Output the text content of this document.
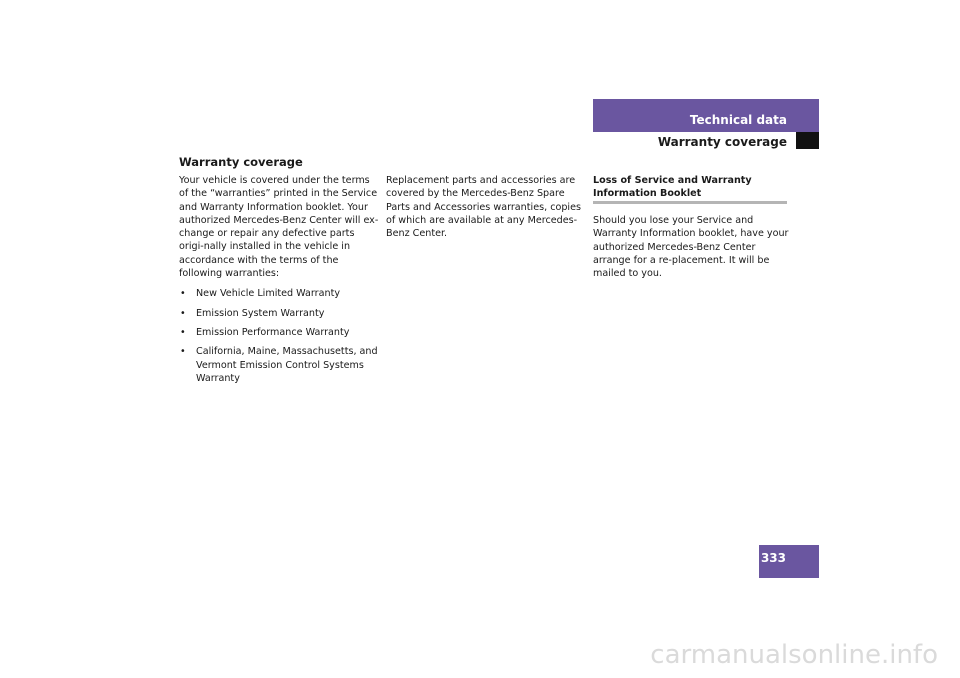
Technical data
Warranty coverage
Warranty coverage

Your vehicle is covered under the terms of the “warranties” printed in the Service and Warranty Information booklet. Your authorized Mercedes-Benz Center will ex-change or repair any defective parts origi-nally installed in the vehicle in accordance with the terms of the following warranties:

• New Vehicle Limited Warranty
• Emission System Warranty
• Emission Performance Warranty
• California, Maine, Massachusetts, and Vermont Emission Control Systems Warranty

Replacement parts and accessories are covered by the Mercedes-Benz Spare Parts and Accessories warranties, copies of which are available at any Mercedes-Benz Center.

Loss of Service and Warranty Information Booklet

Should you lose your Service and Warranty Information booklet, have your authorized Mercedes-Benz Center arrange for a re-placement. It will be mailed to you.

333
carmanualsonline.info
